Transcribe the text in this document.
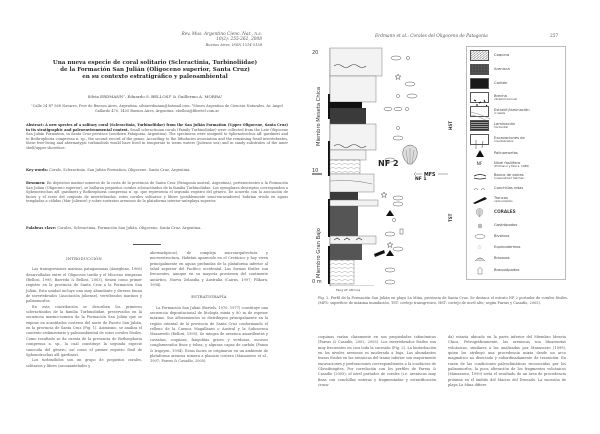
Rev. Mus. Argentino Cienc. Nat., n.s.
10(2): 255-262, 2008
Buenos Aires, ISSN 1514-5158
Una nueva especie de coral solitario (Scleractinia, Turbinoliidae)
de la Formación San Julián (Oligoceno superior, Santa Cruz)
en su contexto estratigráfico y paleoambiental
Silvia ERDMANN¹, Eduardo S. BELLOSI² & Guillermo A. MORRA¹
¹Calle 24 Nº 568 Navarro, Prov de Buenos Aires, Argentina. silviaerdmann@hotmail.com. ²Museo Argentino de Ciencias Naturales, Av. Angel Gallardo 470, 1405 Buenos Aires, Argentina. ebellosi@fibertel.com.ar
Abstract: A new species of a solitary coral (Scleractinia, Turbinoliidae) from the San Julián Formation (Upper Oligocene, Santa Cruz) in its stratigraphic and paleoenvironmental context. Small scleractinian corals (Family Turbinoliidae) were collected from the Late Oligocene San Julián Formation, in Santa Cruz province (southern Patagonia, Argentina). The specimens were assigned to Sphenotrochus aff. gardineri and to Bothrophoria compressa n. sp., the second record of the genus. According to the lithofacies association and the remaining fossil invertebrates, these free-living and ahermatypic turbinoliids would have lived in temperate to warm waters (Juliense sea) and in sandy substrates of the inner shelf/upper shoreface.
Key words: Corals, Scleractinia, San Julián Formation, Oligocene, Santa Cruz, Argentina.
Resumen: En depósitos marino-someros de la costa de la provincia de Santa Cruz (Patagonia austral, Argentina), pertenecientes a la Formación San Julián (Oligoceno superior), se hallaron pequeños corales scleractínidos de la familia Turbinoliidae. Los ejemplares descriptos corresponden a Sphenotrochus aff. gardineri y Bothrophoria compressa n. sp. que representa el segundo registro del género. De acuerdo con la asociación de facies y el resto del conjunto de invertebrados, estos corales solitarios y libres (posiblemente semi-excavadores) habrían vivido en aguas templadas a cálidas (Mar Juliense) y sobre sustratos arenosos de la plataforma interior-anteplaya superior.
Palabras clave: Corales, Scleractinia, Formación San Julián, Oligoceno, Santa Cruz, Argentina.
INTRODUCCIÓN

Las transgresiones marinas patagonianas (Ameghino, 1906) desarrolladas entre el Oligoceno tardío y el Mioceno temprano (Bellosi, 1995; Barreda & Bellosi, 2003), tienen como primer registro en la provincia de Santa Cruz a la Formación San Julián. Esta unidad incluye una muy abundante y diversa fauna de invertebrados (Asociación Juliense), vertebrados marinos y palinomorfos.

En esta contribución se describen los primeros scleractínidos de la familia Turbinoliidae, preservados en la secuencia marino-somera de la Formación San Julián que se expone en acantilados costeros del norte de Puerto San Julián, en la provincia de Santa Cruz (Fig. 1). Asimismo, se analiza el contexto sedimentario y paleoambiental de estos corales fósiles. Como resultado se da cuenta de la presencia de Bothrophoria compressa n. sp., la cual constituye la segunda especie conocida del género, así como el primer registro fósil de Sphenotrochus aff. gardineri.

Los turbinólidos son un grupo de pequeños corales, solitarios y libres (azooxantelados y

ahermatípicos), de compleja microarquitectura y microestructura. Habrían aparecido en el Cretácico y hoy viven principalmente en aguas profundas de la plataforma inferior al talud superior del Pacífico occidental. Las formas fósiles son frecuentes, aunque en su mayoría provienen del continente antártico, Nueva Zelandia y Australia (Cairns, 1997; Filkorn, 1994).

ESTRATIGRAFÍA

La Formación San Julián (Bertels, 1970, 1977) constituye una secuencia depositacional de litología mixta y 80 m de espesor máximo. Sus afloramientos se distribuyen principalmente en la región oriental de la provincia de Santa Cruz conformando el relleno de la Cuenca Magallanes o Austral y la Subcuenca Mazarredo (Bellosi, 1995). Se integra de arenisca amarillentas y castañas, coquinas, fangolitas grises y verdosas, escasos conglomerados finos y tobas, y algunas capas de carbón (Panza & Irigoyen, 1994). Estas facies se originaron en un ambiente de plataforma arenosa somera a planicie costera (Manassero et al., 1997; Parras & Casadío, 2005).

Erdmann et al.: Corales del Oligoceno de Patagonia	257
20
10
0 m
NF 2
NF 1
MFS
Miembro Meseta Chica
Miembro Gran Bajo
HST
TST
Fang AF AM Coq
Coquina
Arenisca
Carbón
Brecha
intraformacional
Estratif./laminación
cruzada
Laminación
horizontal
Excavaciones de
invertebrados
Palinomorfos
NF	Nivel fosilífero
(Erdmann y Morra, 1985)
Banco de ostras
Crassostrea? hatcheri
Conchillas rotas
Troncos
carbonizados
CORALES
Gastrópodos
Bivalvos
☆	Equinodermos
Briozoos
Braquiópodos
Fig. 2. Perfil de la Formación San Julián en playa La Mina, provincia de Santa Cruz. Se destaca el estrato NF 2 portador de corales fósiles. (MFS: superficie de máxima inundación, TST: cortejo transgresivo, HST: cortejo de nivel alto; según Parras y Casadío, 2005).
coquinas varían claramente en sus propiedades tafonómicas (Parras & Casadío, 2002, 2005). Los invertebrados fósiles son muy frecuentes en casi toda la sucesión (Fig. 2). La bioturbación en los niveles arenosos es moderada a baja. Las abundantes trazas fósiles en las areniscas del tramo inferior son mayormente excavaciones y perforaciones correspondientes a la icnofacies de Glossifungites. Por correlación con los perfiles de Parras & Casadío (2005), el nivel portador de corales (i.e. areniscas muy finas con conchillas enteras y fragmentadas y estratificación cruza-
da) estaría ubicado en la parte inferior del Miembro Meseta Chica. Petrográficamente, las areniscas son litoarenitas volcánicas, similares a las analizadas por Manassero (1999), quien les atribuyó una procedencia mixta desde un arco magmático no disectado y subordinadamente de transición. En razón de las condiciones paleoclimáticas reconocidas por los palinomorfos, la poca alteración de los fragmentos volcánicos (Manassero, 1999) sería el resultado de un área de procedencia próxima en el ámbito del Macizo del Deseado. La sucesión de playa La Mina difiere
